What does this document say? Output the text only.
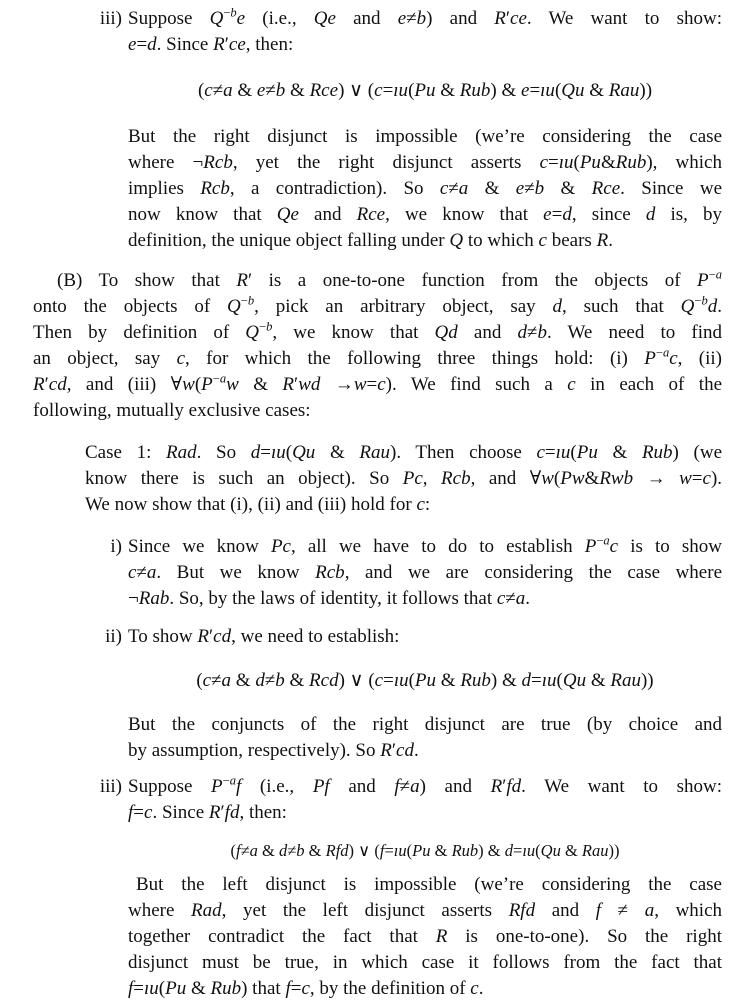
iii) Suppose $Q^{-b}e$ (i.e., Qe and e≠b) and R′ce. We want to show:
e=d. Since R′ce, then:
(c≠a & e≠b & Rce) ∨ (c=ıu(Pu & Rub) & e=ıu(Qu & Rau))
But the right disjunct is impossible (we’re considering the case
where ¬Rcb, yet the right disjunct asserts c=ıu(Pu&Rub), which
implies Rcb, a contradiction). So c≠a & e≠b & Rce. Since we
now know that Qe and Rce, we know that e=d, since d is, by
definition, the unique object falling under Q to which c bears R.
(B) To show that R′ is a one-to-one function from the objects of $P^{-a}$
onto the objects of $Q^{-b}$, pick an arbitrary object, say d, such that $Q^{-b}d$.
Then by definition of $Q^{-b}$, we know that Qd and d≠b. We need to find
an object, say c, for which the following three things hold: (i) $P^{-a}c$, (ii)
R′cd, and (iii) $\forall w(P^{-a}w$ & R′wd →w=c). We find such a c in each of the
following, mutually exclusive cases:
Case 1: Rad. So d=ıu(Qu & Rau). Then choose c=ıu(Pu & Rub) (we
know there is such an object). So Pc, Rcb, and ∀w(Pw&Rwb → w=c).
We now show that (i), (ii) and (iii) hold for c:
i) Since we know Pc, all we have to do to establish $P^{-a}c$ is to show
c≠a. But we know Rcb, and we are considering the case where
¬Rab. So, by the laws of identity, it follows that c≠a.
ii) To show R′cd, we need to establish:
(c≠a & d≠b & Rcd) ∨ (c=ıu(Pu & Rub) & d=ıu(Qu & Rau))
But the conjuncts of the right disjunct are true (by choice and
by assumption, respectively). So R′cd.
iii) Suppose $P^{-a}f$ (i.e., Pf and f≠a) and R′fd. We want to show:
f=c. Since R′fd, then:
(f≠a & d≠b & Rfd) ∨ (f=ıu(Pu & Rub) & d=ıu(Qu & Rau))
But the left disjunct is impossible (we’re considering the case
where Rad, yet the left disjunct asserts Rfd and f ≠ a, which
together contradict the fact that R is one-to-one). So the right
disjunct must be true, in which case it follows from the fact that
f=ıu(Pu & Rub) that f=c, by the definition of c.
